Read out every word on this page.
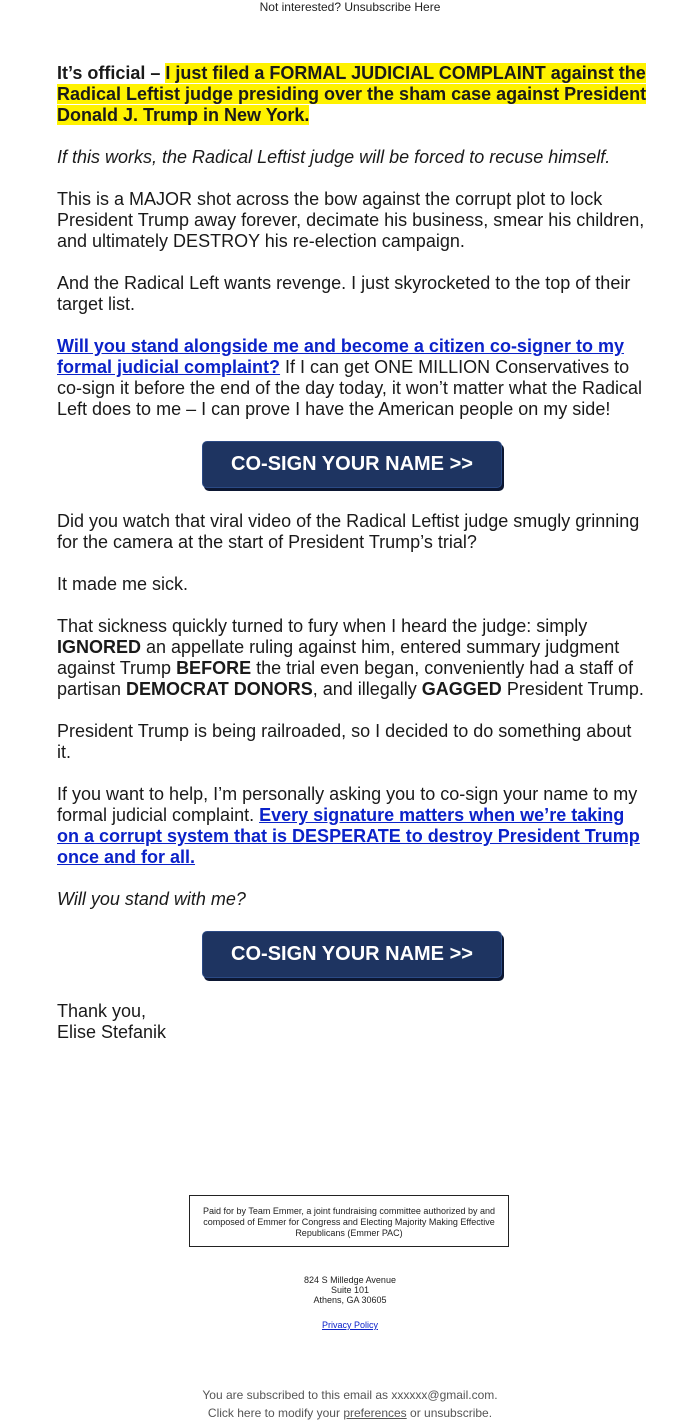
Not interested? Unsubscribe Here

It’s official – I just filed a FORMAL JUDICIAL COMPLAINT against the Radical Leftist judge presiding over the sham case against President Donald J. Trump in New York.

If this works, the Radical Leftist judge will be forced to recuse himself.

This is a MAJOR shot across the bow against the corrupt plot to lock President Trump away forever, decimate his business, smear his children, and ultimately DESTROY his re-election campaign.

And the Radical Left wants revenge. I just skyrocketed to the top of their target list.

Will you stand alongside me and become a citizen co-signer to my formal judicial complaint? If I can get ONE MILLION Conservatives to co-sign it before the end of the day today, it won’t matter what the Radical Left does to me – I can prove I have the American people on my side!

CO-SIGN YOUR NAME >>

Did you watch that viral video of the Radical Leftist judge smugly grinning for the camera at the start of President Trump’s trial?

It made me sick.

That sickness quickly turned to fury when I heard the judge: simply IGNORED an appellate ruling against him, entered summary judgment against Trump BEFORE the trial even began, conveniently had a staff of partisan DEMOCRAT DONORS, and illegally GAGGED President Trump.

President Trump is being railroaded, so I decided to do something about it.

If you want to help, I’m personally asking you to co-sign your name to my formal judicial complaint. Every signature matters when we’re taking on a corrupt system that is DESPERATE to destroy President Trump once and for all.

Will you stand with me?

CO-SIGN YOUR NAME >>

Thank you,
Elise Stefanik

Paid for by Team Emmer, a joint fundraising committee authorized by and composed of Emmer for Congress and Electing Majority Making Effective Republicans (Emmer PAC)
824 S Milledge Avenue
Suite 101
Athens, GA 30605
Privacy Policy
You are subscribed to this email as xxxxxx@gmail.com.
Click here to modify your preferences or unsubscribe.
